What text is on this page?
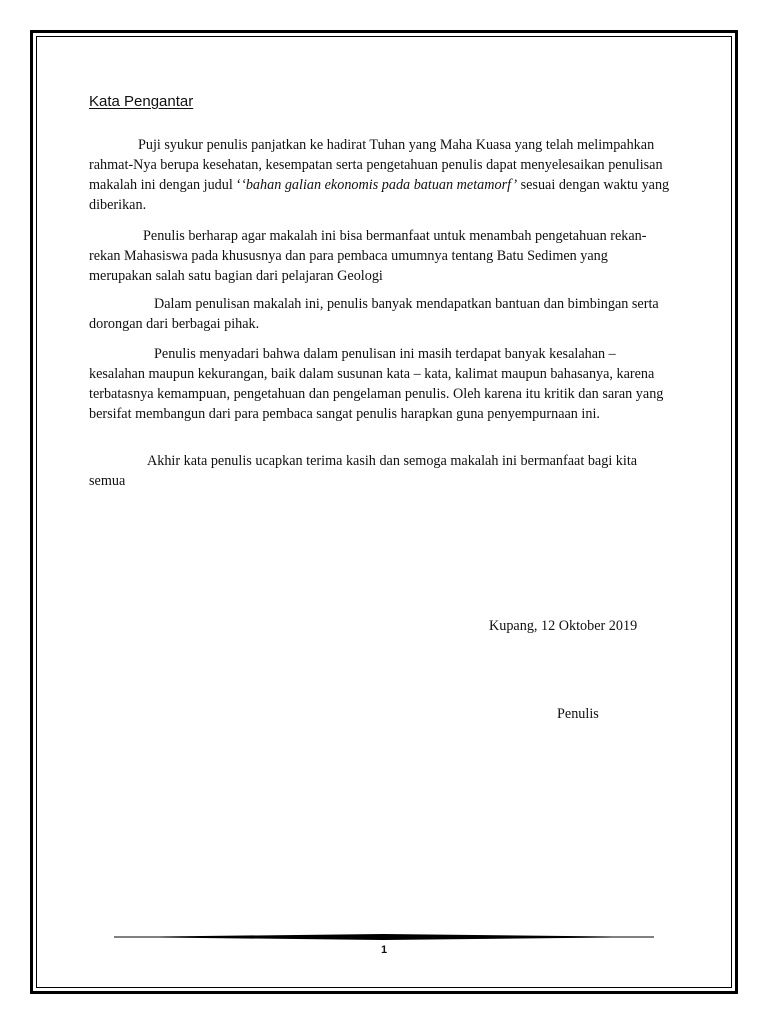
Kata Pengantar
Puji syukur penulis panjatkan ke hadirat Tuhan yang Maha Kuasa yang telah melimpahkan rahmat-Nya berupa kesehatan, kesempatan serta pengetahuan penulis dapat menyelesaikan penulisan makalah ini dengan judul ‘‘bahan galian ekonomis pada batuan metamorf’ sesuai dengan waktu yang diberikan.
Penulis berharap agar makalah ini bisa bermanfaat untuk menambah pengetahuan rekan-rekan Mahasiswa pada khususnya dan para pembaca umumnya tentang Batu Sedimen yang merupakan salah satu bagian dari pelajaran Geologi
Dalam penulisan makalah ini, penulis banyak mendapatkan bantuan dan bimbingan serta dorongan dari berbagai pihak.
Penulis menyadari bahwa dalam penulisan ini masih terdapat banyak kesalahan – kesalahan maupun kekurangan, baik dalam susunan kata – kata, kalimat maupun bahasanya, karena terbatasnya kemampuan, pengetahuan dan pengelaman penulis. Oleh karena itu kritik dan saran yang bersifat membangun dari para pembaca sangat penulis harapkan guna penyempurnaan ini.
Akhir kata penulis ucapkan terima kasih dan semoga makalah ini bermanfaat bagi kita semua
Kupang, 12 Oktober 2019
Penulis
1
